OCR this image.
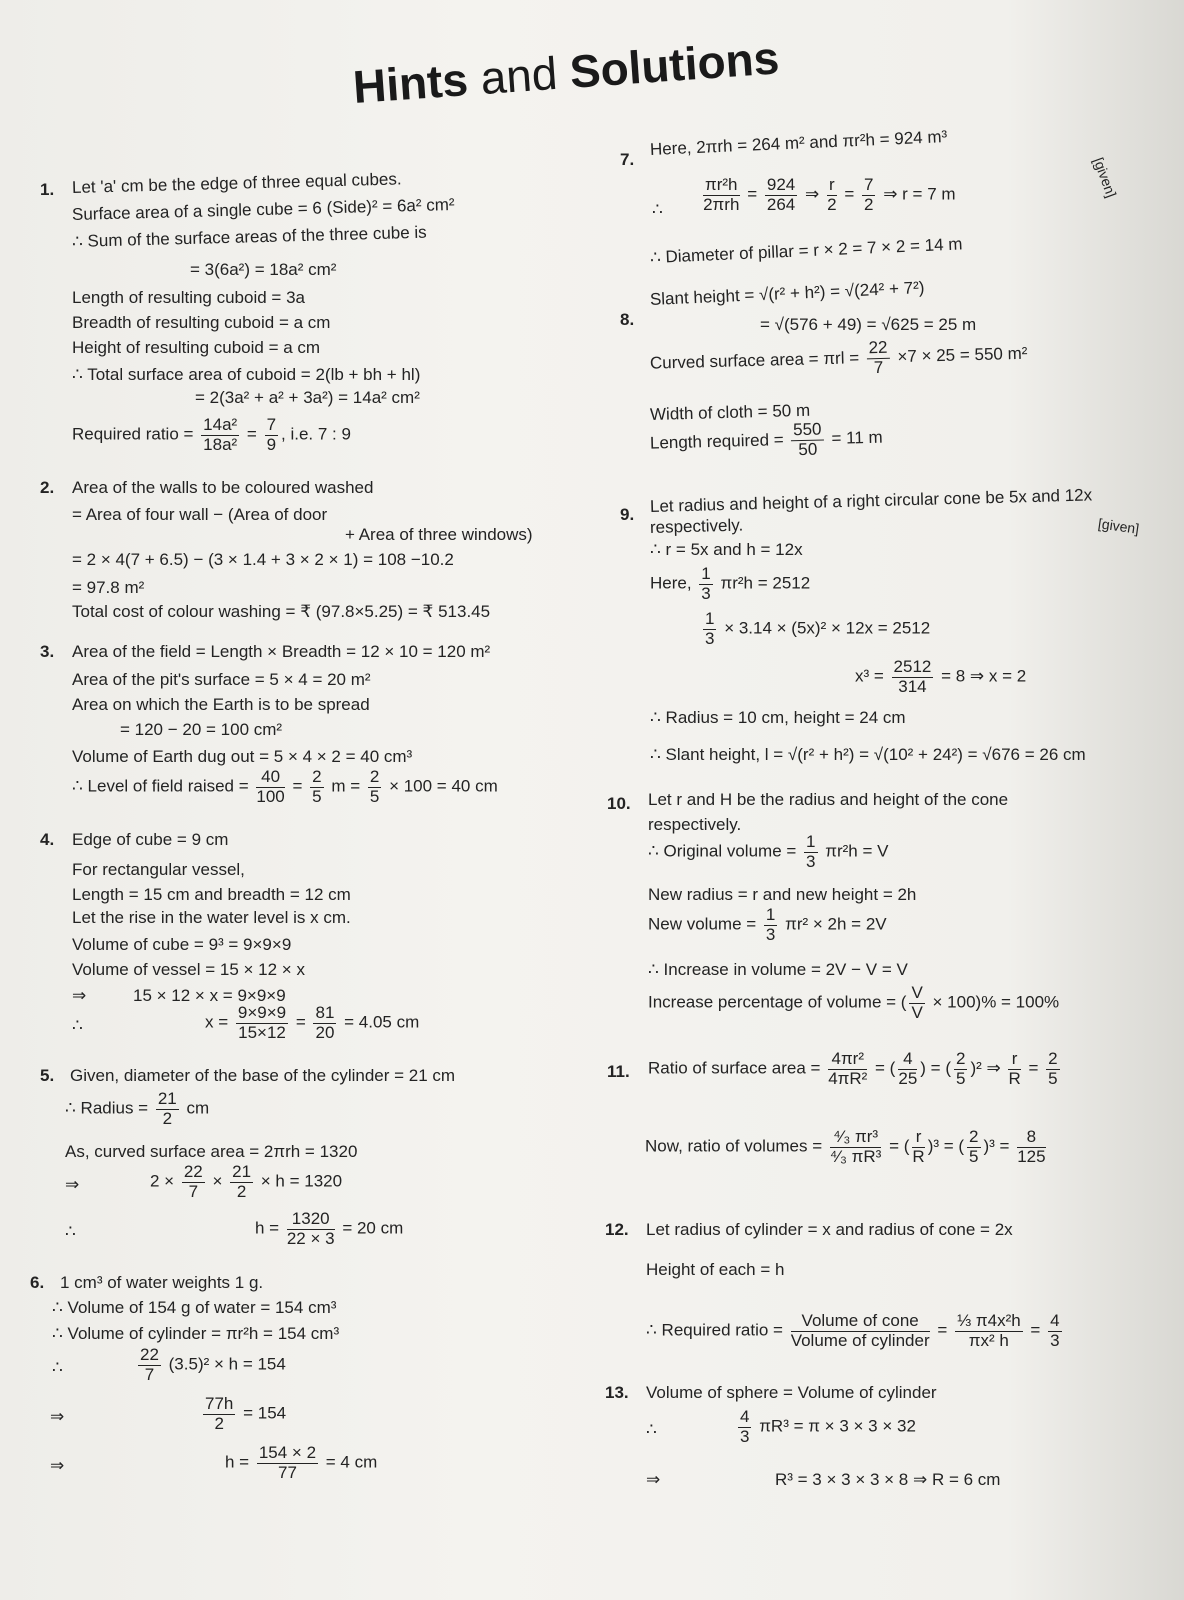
Hints and Solutions
1. Let 'a' cm be the edge of three equal cubes.
Surface area of a single cube = 6 (Side)² = 6a² cm²
∴ Sum of the surface areas of the three cube is
= 3(6a²) = 18a² cm²
Length of resulting cuboid = 3a
Breadth of resulting cuboid = a cm
Height of resulting cuboid = a cm
∴ Total surface area of cuboid = 2(lb + bh + hl)
= 2(3a² + a² + 3a²) = 14a² cm²
Required ratio = $\frac{\text{14a²}}{\text{18a²}} = \frac{7}{9}$ , i.e. 7 : 9
2. Area of the walls to be coloured washed
= Area of four wall − (Area of door
+ Area of three windows)
= 2 × 4(7 + 6.5) − (3 × 1.4 + 3 × 2 × 1) = 108 −10.2
= 97.8 m²
Total cost of colour washing = ₹ (97.8×5.25) = ₹ 513.45
3. Area of the field = Length × Breadth = 12 × 10 = 120 m²
Area of the pit's surface = 5 × 4 = 20 m²
Area on which the Earth is to be spread
= 120 − 20 = 100 cm²
Volume of Earth dug out = 5 × 4 × 2 = 40 cm³
∴ Level of field raised = $\frac{40}{100} = \frac{2}{5}$ $m = \frac{2}{5} \times 100 = 40$ cm
4. Edge of cube = 9 cm
For rectangular vessel,
Length = 15 cm and breadth = 12 cm
Let the rise in the water level is x cm.
Volume of cube = 9³ = 9×9×9
Volume of vessel = 15 × 12 × x
⇒	15 × 12 × x = 9×9×9
∴	$x = \frac{9\times 9\times 9}{15\times 12} = \frac{81}{20} = 4.05$ cm
5. Given, diameter of the base of the cylinder = 21 cm
∴ Radius = $\frac{21}{2}$ cm
As, curved surface area = 2πrh = 1320
⇒	$2 \times \frac{22}{7} \times \frac{21}{2} \times h = 1320$
∴	$h = \frac{1320}{22 \times 3} = 20$ cm
6. 1 cm³ of water weights 1 g.
∴ Volume of 154 g of water = 154 cm³
∴ Volume of cylinder = πr²h = 154 cm³
∴	$\frac{22}{7} (3.5)^2 \times h = 154$
⇒	$\frac{77h}{2} = 154$
⇒	$h = \frac{154 \times 2}{77} = 4$ cm
7.
Here, 2πrh = 264 m² and πr²h = 924 m³
[given]
∴
πr²h
2πrh
= $\frac{924}{264}$ ⇒ $\frac{r}{2} = \frac{7}{2}$ ⇒ r = 7 m
∴ Diameter of pillar = r × 2 = 7 × 2 = 14 m
8.
Slant height = √(r² + h²) = √(24² + 7²)
= √(576 + 49) = √625 = 25 m
Curved surface area = $\pi rl = \frac{22}{7} \times 7 \times 25 = 550$ m²
Width of cloth = 50 m
Length required = $\frac{550}{50} = 11$ m
9. Let radius and height of a right circular cone be 5x and 12x
respectively.	[given]
∴ r = 5x and h = 12x
Here, $\frac{1}{3} \pi r^2h = 2512$
$\frac{1}{3} \times 3.14 \times (5x)^2 \times 12x = 2512$
$x^3 = \frac{2512}{314} = 8$ ⇒ x = 2
∴ Radius = 10 cm, height = 24 cm
∴ Slant height, l = √(r² + h²) = √(10² + 24²) = √676 = 26 cm
10. Let r and H be the radius and height of the cone
respectively.
∴ Original volume = $\frac{1}{3} \pi r^2h = V$
New radius = r and new height = 2h
New volume = $\frac{1}{3} \pi r^2 \times 2h = 2V$
∴ Increase in volume = 2V − V = V
Increase percentage of volume = ( $\frac{V}{V} \times 100)\% = 100\%$
11. Ratio of surface area = $\frac{\text{4πr²}}{\text{4πR²}}$ = ( $\frac{4}{25}$ ) = ( $\frac{2}{5} )^2$ ⇒ $\frac{r}{R} = \frac{2}{5}$
Now, ratio of volumes = $\frac{\text{⁴⁄₃ πr³}}{\text{⁴⁄₃ πR³}}$ = ( $\frac{r}{R} )^3$ = ( $\frac{2}{5} )^3 = \frac{8}{125}$
12. Let radius of cylinder = x and radius of cone = 2x
Height of each = h
∴ Required ratio =
Volume of cone
Volume of cylinder
= $\frac{\text{⅓ π4x²h}}{\text{πx² h}} = \frac{4}{3}$
13. Volume of sphere = Volume of cylinder
∴	$\frac{4}{3} \pi R^3 = \pi \times 3 \times 3 \times 32$
⇒	R³ = 3 × 3 × 3 × 8 ⇒ R = 6 cm
